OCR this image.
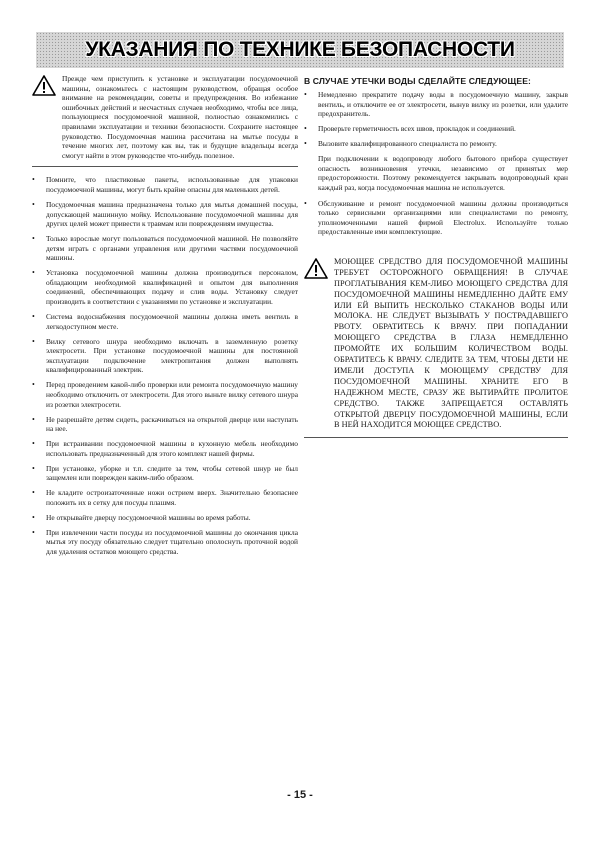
УКАЗАНИЯ ПО ТЕХНИКЕ БЕЗОПАСНОСТИ

Прежде чем приступить к установке и эксплуатации посудомоечной машины, ознакомьтесь с настоящим руководством, обращая особое внимание на рекомендации, советы и предупреждения. Во избежание ошибочных действий и несчастных случаев необходимо, чтобы все лица, пользующиеся посудомоечной машиной, полностью ознакомились с правилами эксплуатации и техники безопасности. Сохраните настоящее руководство. Посудомоечная машина рассчитана на мытье посуды в течение многих лет, поэтому как вы, так и будущие владельцы всегда смогут найти в этом руководстве что-нибудь полезное.

• Помните, что пластиковые пакеты, использованные для упаковки посудомоечной машины, могут быть крайне опасны для маленьких детей.
• Посудомоечная машина предназначена только для мытья домашней посуды, допускающей машинную мойку. Использование посудомоечной машины для других целей может привести к травмам или повреждениям имущества.
• Только взрослые могут пользоваться посудомоечной машиной. Не позволяйте детям играть с органами управления или другими частями посудомоечной машины.
• Установка посудомоечной машины должна производиться персоналом, обладающим необходимой квалификацией и опытом для выполнения соединений, обеспечивающих подачу и слив воды. Установку следует производить в соответствии с указаниями по установке и эксплуатации.
• Система водоснабжения посудомоечной машины должна иметь вентиль в легкодоступном месте.
• Вилку сетевого шнура необходимо включать в заземленную розетку электросети. При установке посудомоечной машины для постоянной эксплуатации подключение электропитания должен выполнять квалифицированный электрик.
• Перед проведением какой-либо проверки или ремонта посудомоечную машину необходимо отключить от электросети. Для этого выньте вилку сетевого шнура из розетки электросети.
• Не разрешайте детям сидеть, раскачиваться на открытой дверце или наступать на нее.
• При встраивании посудомоечной машины в кухонную мебель необходимо использовать предназначенный для этого комплект нашей фирмы.
• При установке, уборке и т.п. следите за тем, чтобы сетевой шнур не был защемлен или поврежден каким-либо образом.
• Не кладите остроизаточенные ножи острием вверх. Значительно безопаснее положить их в сетку для посуды плашмя.
• Не открывайте дверцу посудомоечной машины во время работы.
• При извлечении части посуды из посудомоечной машины до окончания цикла мытья эту посуду обязательно следует тщательно ополоснуть проточной водой для удаления остатков моющего средства.
В СЛУЧАЕ УТЕЧКИ ВОДЫ СДЕЛАЙТЕ СЛЕДУЮЩЕЕ:
• Немедленно прекратите подачу воды в посудомоечную машину, закрыв вентиль, и отключите ее от электросети, вынув вилку из розетки, или удалите предохранитель.
• Проверьте герметичность всех швов, прокладок и соединений.
• Вызовите квалифицированного специалиста по ремонту.

При подключении к водопроводу любого бытового прибора существует опасность возникновения утечки, независимо от принятых мер предосторожности. Поэтому рекомендуется закрывать водопроводный кран каждый раз, когда посудомоечная машина не используется.

• Обслуживание и ремонт посудомоечной машины должны производиться только сервисными организациями или специалистами по ремонту, уполномоченными нашей фирмой Electrolux. Используйте только предоставленные ими комплектующие.

МОЮЩЕЕ СРЕДСТВО ДЛЯ ПОСУДОМОЕЧНОЙ МАШИНЫ ТРЕБУЕТ ОСТОРОЖНОГО ОБРАЩЕНИЯ! В СЛУЧАЕ ПРОГЛАТЫВАНИЯ КЕМ-ЛИБО МОЮЩЕГО СРЕДСТВА ДЛЯ ПОСУДОМОЕЧНОЙ МАШИНЫ НЕМЕДЛЕННО ДАЙТЕ ЕМУ ИЛИ ЕЙ ВЫПИТЬ НЕСКОЛЬКО СТАКАНОВ ВОДЫ ИЛИ МОЛОКА. НЕ СЛЕДУЕТ ВЫЗЫВАТЬ У ПОСТРАДАВШЕГО РВОТУ. ОБРАТИТЕСЬ К ВРАЧУ. ПРИ ПОПАДАНИИ МОЮЩЕГО СРЕДСТВА В ГЛАЗА НЕМЕДЛЕННО ПРОМОЙТЕ ИХ БОЛЬШИМ КОЛИЧЕСТВОМ ВОДЫ. ОБРАТИТЕСЬ К ВРАЧУ. СЛЕДИТЕ ЗА ТЕМ, ЧТОБЫ ДЕТИ НЕ ИМЕЛИ ДОСТУПА К МОЮЩЕМУ СРЕДСТВУ ДЛЯ ПОСУДОМОЕЧНОЙ МАШИНЫ. ХРАНИТЕ ЕГО В НАДЕЖНОМ МЕСТЕ, СРАЗУ ЖЕ ВЫТИРАЙТЕ ПРОЛИТОЕ СРЕДСТВО. ТАКЖЕ ЗАПРЕЩАЕТСЯ ОСТАВЛЯТЬ ОТКРЫТОЙ ДВЕРЦУ ПОСУДОМОЕЧНОЙ МАШИНЫ, ЕСЛИ В НЕЙ НАХОДИТСЯ МОЮЩЕЕ СРЕДСТВО.

- 15 -
